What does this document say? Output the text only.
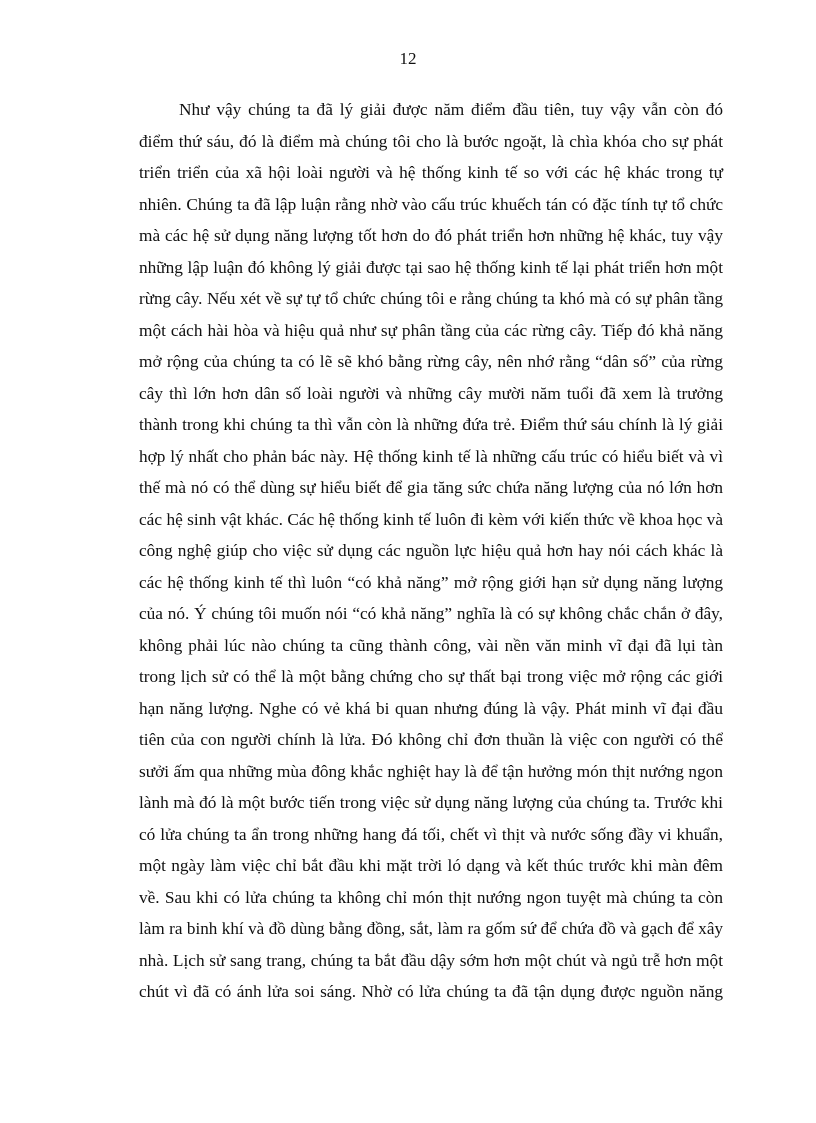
12
Như vậy chúng ta đã lý giải được năm điểm đầu tiên, tuy vậy vẫn còn đó
điểm thứ sáu, đó là điểm mà chúng tôi cho là bước ngoặt, là chìa khóa cho sự phát
triển triển của xã hội loài người và hệ thống kinh tế so với các hệ khác trong tự
nhiên. Chúng ta đã lập luận rằng nhờ vào cấu trúc khuếch tán có đặc tính tự tổ chức
mà các hệ sử dụng năng lượng tốt hơn do đó phát triển hơn những hệ khác, tuy vậy
những lập luận đó không lý giải được tại sao hệ thống kinh tế lại phát triển hơn một
rừng cây. Nếu xét về sự tự tổ chức chúng tôi e rằng chúng ta khó mà có sự phân tầng
một cách hài hòa và hiệu quả như sự phân tầng của các rừng cây. Tiếp đó khả năng
mở rộng của chúng ta có lẽ sẽ khó bằng rừng cây, nên nhớ rằng “dân số” của rừng
cây thì lớn hơn dân số loài người và những cây mười năm tuổi đã xem là trưởng
thành trong khi chúng ta thì vẫn còn là những đứa trẻ. Điểm thứ sáu chính là lý giải
hợp lý nhất cho phản bác này. Hệ thống kinh tế là những cấu trúc có hiểu biết và vì
thế mà nó có thể dùng sự hiểu biết để gia tăng sức chứa năng lượng của nó lớn hơn
các hệ sinh vật khác. Các hệ thống kinh tế luôn đi kèm với kiến thức về khoa học và
công nghệ giúp cho việc sử dụng các nguồn lực hiệu quả hơn hay nói cách khác là
các hệ thống kinh tế thì luôn “có khả năng” mở rộng giới hạn sử dụng năng lượng
của nó. Ý chúng tôi muốn nói “có khả năng” nghĩa là có sự không chắc chắn ở đây,
không phải lúc nào chúng ta cũng thành công, vài nền văn minh vĩ đại đã lụi tàn
trong lịch sử có thể là một bằng chứng cho sự thất bại trong việc mở rộng các giới
hạn năng lượng. Nghe có vẻ khá bi quan nhưng đúng là vậy. Phát minh vĩ đại đầu
tiên của con người chính là lửa. Đó không chỉ đơn thuần là việc con người có thể
sưởi ấm qua những mùa đông khắc nghiệt hay là để tận hưởng món thịt nướng ngon
lành mà đó là một bước tiến trong việc sử dụng năng lượng của chúng ta. Trước khi
có lửa chúng ta ẩn trong những hang đá tối, chết vì thịt và nước sống đầy vi khuẩn,
một ngày làm việc chỉ bắt đầu khi mặt trời ló dạng và kết thúc trước khi màn đêm
về. Sau khi có lửa chúng ta không chỉ món thịt nướng ngon tuyệt mà chúng ta còn
làm ra binh khí và đồ dùng bằng đồng, sắt, làm ra gốm sứ để chứa đồ và gạch để xây
nhà. Lịch sử sang trang, chúng ta bắt đầu dậy sớm hơn một chút và ngủ trễ hơn một
chút vì đã có ánh lửa soi sáng. Nhờ có lửa chúng ta đã tận dụng được nguồn năng
